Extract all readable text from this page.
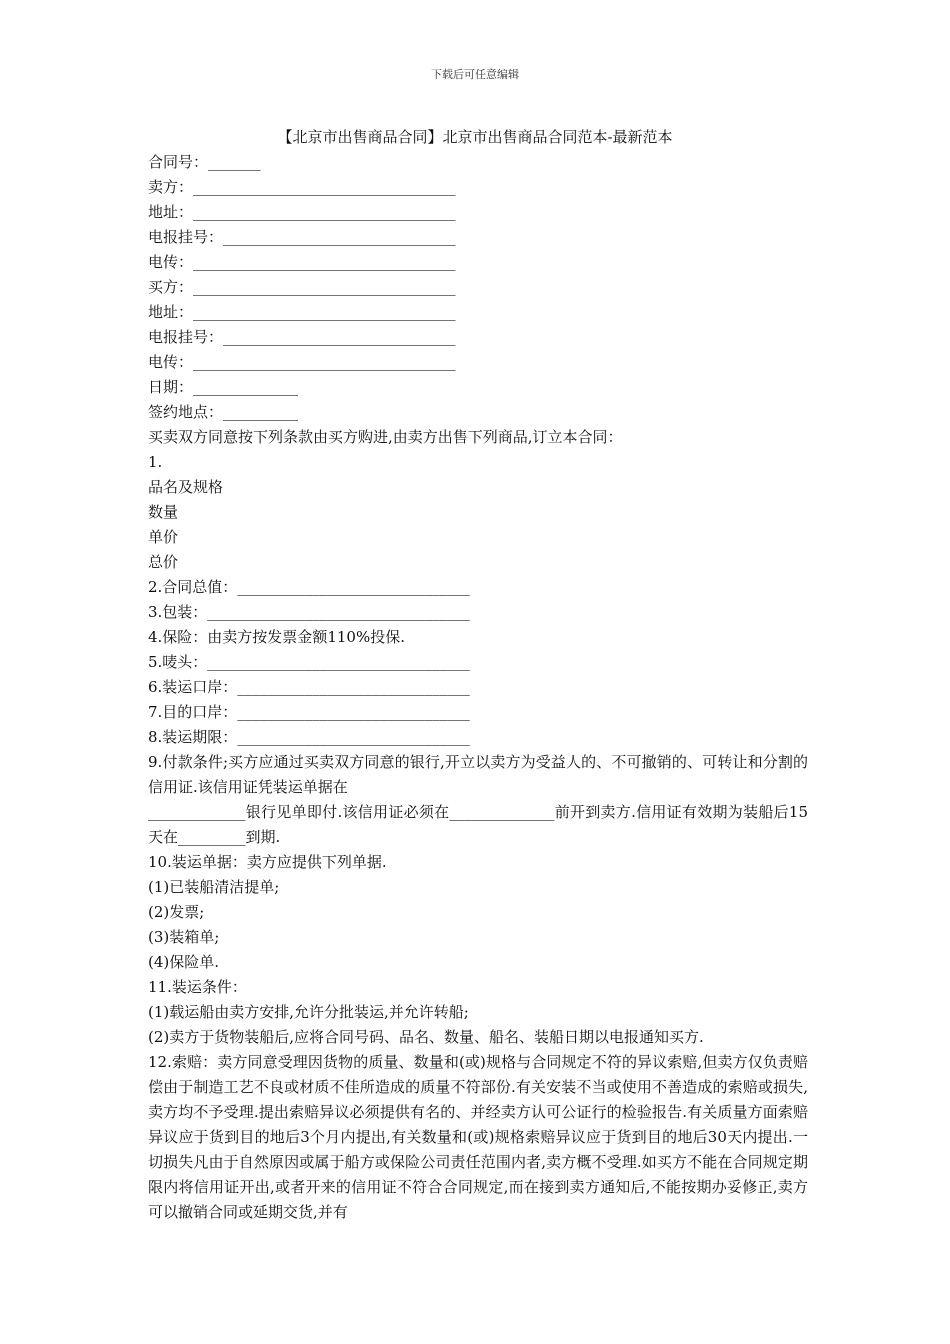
下载后可任意编辑
【北京市出售商品合同】北京市出售商品合同范本-最新范本
合同号：_______
卖方：___________________________________
地址：___________________________________
电报挂号：_______________________________
电传：___________________________________
买方：___________________________________
地址：___________________________________
电报挂号：_______________________________
电传：___________________________________
日期：______________
签约地点：__________
买卖双方同意按下列条款由买方购进,由卖方出售下列商品,订立本合同：
1.
品名及规格
数量
单价
总价
2.合同总值：_______________________________
3.包装：___________________________________
4.保险：由卖方按发票金额110%投保.
5.唛头：___________________________________
6.装运口岸：_______________________________
7.目的口岸：_______________________________
8.装运期限：_______________________________
9.付款条件;买方应通过买卖双方同意的银行,开立以卖方为受益人的、不可撤销的、可转让和分割的信用证.该信用证凭装运单据在
_____________银行见单即付.该信用证必须在______________前开到卖方.信用证有效期为装船后15天在_________到期.
10.装运单据：卖方应提供下列单据.
(1)已装船清洁提单;
(2)发票;
(3)装箱单;
(4)保险单.
11.装运条件：
(1)载运船由卖方安排,允许分批装运,并允许转船;
(2)卖方于货物装船后,应将合同号码、品名、数量、船名、装船日期以电报通知买方.
12.索赔：卖方同意受理因货物的质量、数量和(或)规格与合同规定不符的异议索赔,但卖方仅负责赔偿由于制造工艺不良或材质不佳所造成的质量不符部份.有关安装不当或使用不善造成的索赔或损失,卖方均不予受理.提出索赔异议必须提供有名的、并经卖方认可公证行的检验报告.有关质量方面索赔异议应于货到目的地后3个月内提出,有关数量和(或)规格索赔异议应于货到目的地后30天内提出.一切损失凡由于自然原因或属于船方或保险公司责任范围内者,卖方概不受理.如买方不能在合同规定期限内将信用证开出,或者开来的信用证不符合合同规定,而在接到卖方通知后,不能按期办妥修正,卖方可以撤销合同或延期交货,并有
